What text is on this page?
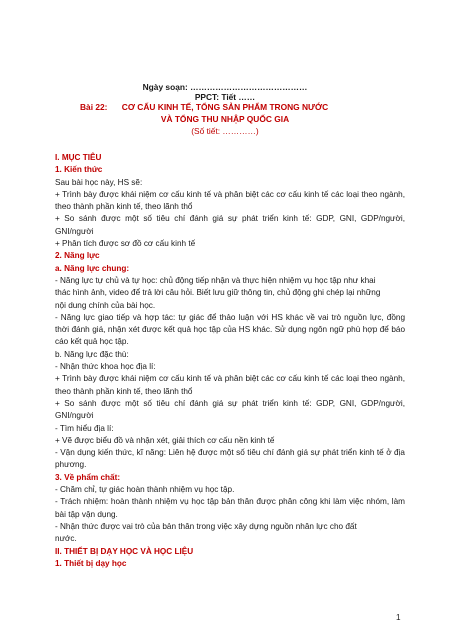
Ngày soạn: ……………………………………
PPCT: Tiết ……
Bài 22:	CƠ CẤU KINH TẾ, TỔNG SẢN PHẨM TRONG NƯỚC
VÀ TỔNG THU NHẬP QUỐC GIA
(Số tiết: …………)
I. MỤC TIÊU
1. Kiến thức
Sau bài học này, HS sẽ:
+ Trình bày được khái niệm cơ cấu kinh tế và phân biệt các cơ cấu kinh tế các loại theo ngành,
theo thành phần kinh tế, theo lãnh thổ
+ So sánh được một số tiêu chí đánh giá sự phát triển kinh tế: GDP, GNI, GDP/người,
GNI/người
+ Phân tích được sơ đồ cơ cấu kinh tế
2. Năng lực
a. Năng lực chung:
- Năng lực tự chủ và tự học: chủ động tiếp nhận và thực hiện nhiệm vụ học tập như khai
thác hình ảnh, video để trả lời câu hỏi. Biết lưu giữ thông tin, chủ động ghi chép lại những
nội dung chính của bài học.
- Năng lực giao tiếp và hợp tác: tự giác để thảo luận với HS khác về vai trò nguồn lực, đồng
thời đánh giá, nhận xét được kết quả học tập của HS khác. Sử dụng ngôn ngữ phù hợp để báo
cáo kết quả học tập.
b. Năng lực đặc thù:
- Nhận thức khoa học địa lí:
+ Trình bày được khái niệm cơ cấu kinh tế và phân biệt các cơ cấu kinh tế các loại theo ngành,
theo thành phần kinh tế, theo lãnh thổ
+ So sánh được một số tiêu chí đánh giá sự phát triển kinh tế: GDP, GNI, GDP/người,
GNI/người
- Tìm hiểu địa lí:
+ Vẽ được biểu đồ và nhận xét, giải thích cơ cấu nền kinh tế
- Vận dụng kiến thức, kĩ năng: Liên hệ được một số tiêu chí đánh giá sự phát triển kinh tế ở địa
phương.
3. Về phẩm chất:
- Chăm chỉ, tự giác hoàn thành nhiệm vụ học tập.
- Trách nhiệm: hoàn thành nhiệm vụ học tập bản thân được phân công khi làm việc nhóm, làm
bài tập vận dụng.
- Nhận thức được vai trò của bản thân trong việc xây dựng nguồn nhân lực cho đất
nước.
II. THIẾT BỊ DẠY HỌC VÀ HỌC LIỆU
1. Thiết bị dạy học
1
